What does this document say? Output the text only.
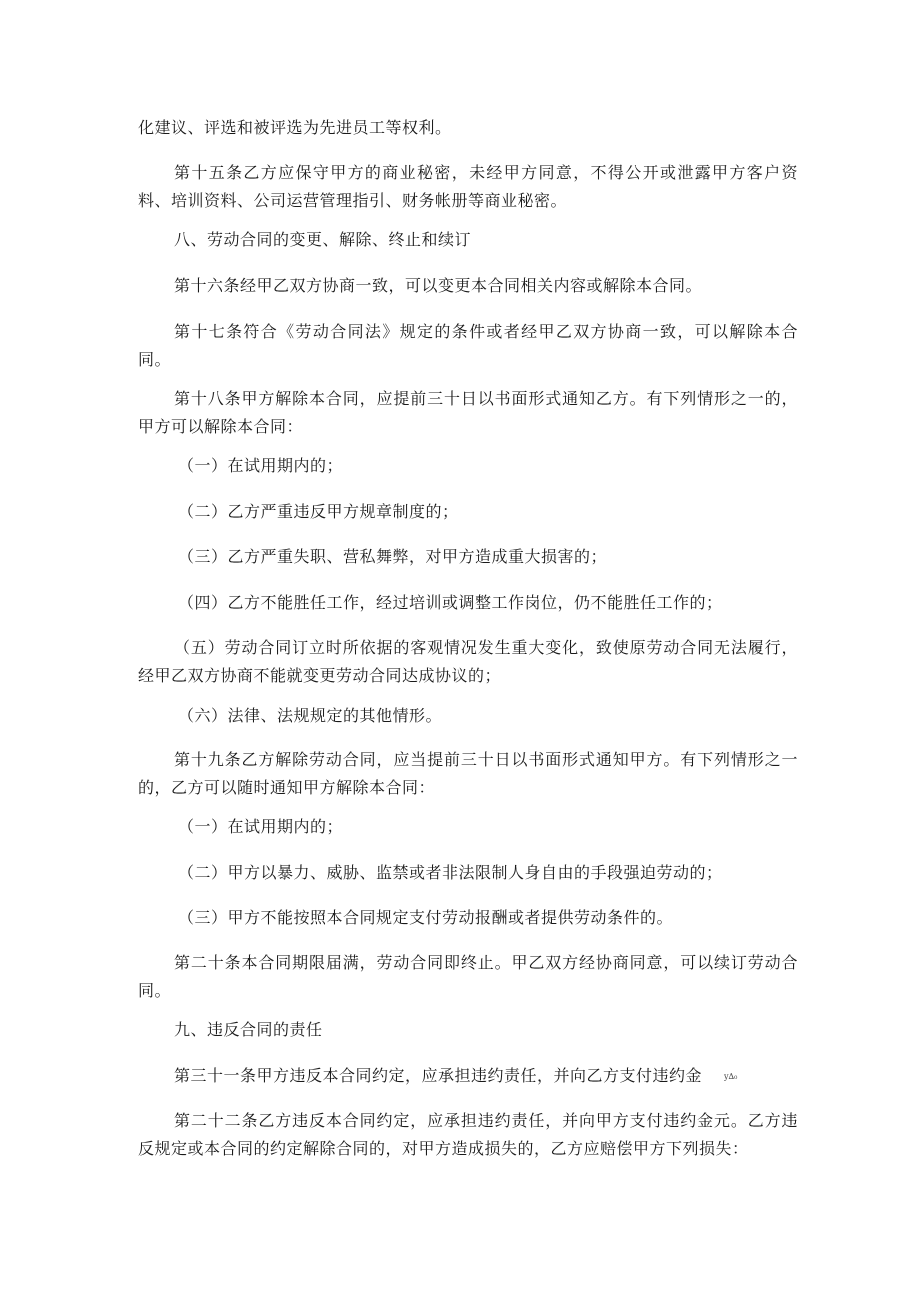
化建议、评选和被评选为先进员工等权利。

第十五条乙方应保守甲方的商业秘密，未经甲方同意，不得公开或泄露甲方客户资料、培训资料、公司运营管理指引、财务帐册等商业秘密。

八、劳动合同的变更、解除、终止和续订

第十六条经甲乙双方协商一致，可以变更本合同相关内容或解除本合同。

第十七条符合《劳动合同法》规定的条件或者经甲乙双方协商一致，可以解除本合同。

第十八条甲方解除本合同，应提前三十日以书面形式通知乙方。有下列情形之一的，甲方可以解除本合同：

（一）在试用期内的；

（二）乙方严重违反甲方规章制度的；

（三）乙方严重失职、营私舞弊，对甲方造成重大损害的；

（四）乙方不能胜任工作，经过培训或调整工作岗位，仍不能胜任工作的；

（五）劳动合同订立时所依据的客观情况发生重大变化，致使原劳动合同无法履行，经甲乙双方协商不能就变更劳动合同达成协议的；

（六）法律、法规规定的其他情形。

第十九条乙方解除劳动合同，应当提前三十日以书面形式通知甲方。有下列情形之一的，乙方可以随时通知甲方解除本合同：

（一）在试用期内的；

（二）甲方以暴力、威胁、监禁或者非法限制人身自由的手段强迫劳动的；

（三）甲方不能按照本合同规定支付劳动报酬或者提供劳动条件的。

第二十条本合同期限届满，劳动合同即终止。甲乙双方经协商同意，可以续订劳动合同。

九、违反合同的责任

第三十一条甲方违反本合同约定，应承担违约责任，并向乙方支付违约金	y∆₀

第二十二条乙方违反本合同约定，应承担违约责任，并向甲方支付违约金元。乙方违反规定或本合同的约定解除合同的，对甲方造成损失的，乙方应赔偿甲方下列损失：
